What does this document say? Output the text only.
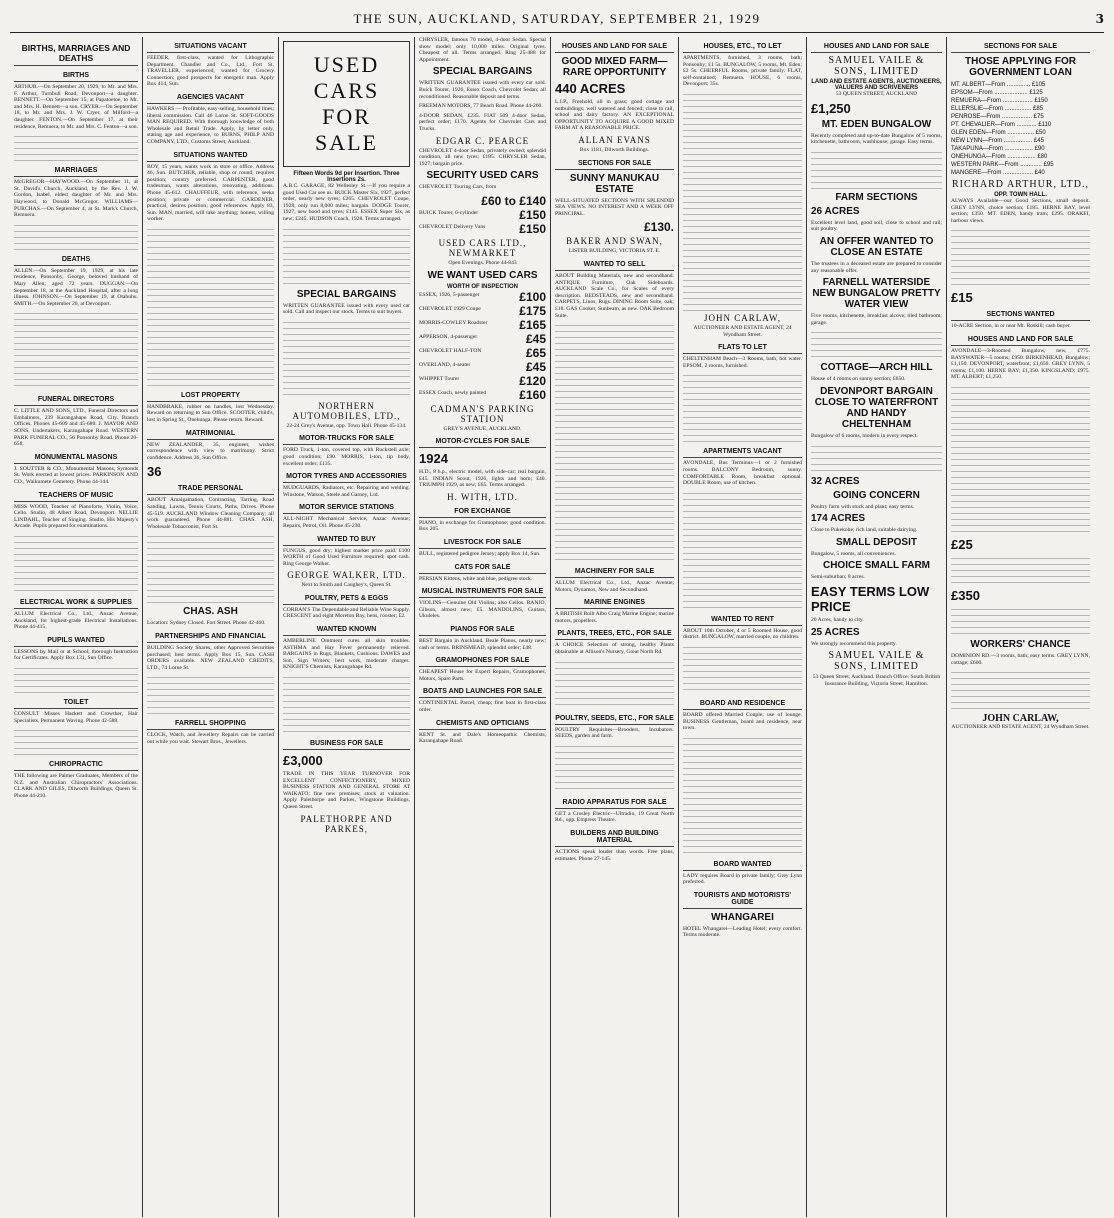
THE SUN, AUCKLAND, SATURDAY, SEPTEMBER 21, 1929	3
BIRTHS, MARRIAGES AND DEATHS
BIRTHS
ARTHUR.—On September 20, 1929, to Mr. and Mrs. F. Arthur, Turnbull Road, Devonport—a daughter. BENNETT.—On September 15, at Papatoetoe, to Mr. and Mrs. H. Bennett—a son. CRYER.—On September 18, to Mr. and Mrs. J. W. Cryer, of Milford—a daughter. FENTON.—On September 17, at their residence, Remuera, to Mr. and Mrs. C. Fenton—a son.
MARRIAGES
McGREGOR—HAYWOOD.—On September 11, at St. David's Church, Auckland, by the Rev. J. W. Gordon, Isabel, eldest daughter of Mr. and Mrs. Haywood, to Donald McGregor. WILLIAMS—PURCHAS.—On September 4, at St. Mark's Church, Remuera.
DEATHS
ALLEN.—On September 19, 1929, at his late residence, Ponsonby, George, beloved husband of Mary Allen; aged 72 years. DUGGAN.—On September 18, at the Auckland Hospital, after a long illness. JOHNSON.—On September 19, at Otahuhu. SMITH.—On September 20, at Devonport.
FUNERAL DIRECTORS
C. LITTLE AND SONS, LTD., Funeral Directors and Embalmers, 239 Karangahape Road, City. Branch Offices. Phones 45-609 and 45-680. J. MAYOR AND SONS, Undertakers, Karangahape Road. WESTERN PARK FUNERAL CO., 56 Ponsonby Road. Phone 20-658.
MONUMENTAL MASONS
J. SOUTTER & CO., Monumental Masons, Symonds St. Work erected at lowest prices. PARKINSON AND CO., Waikumete Cemetery. Phone 44-144.
TEACHERS OF MUSIC
MISS WOOD, Teacher of Pianoforte, Violin, Voice, Cello. Studio, 48 Albert Road, Devonport. NELLIE LINDAHL, Teacher of Singing. Studio, His Majesty's Arcade. Pupils prepared for examinations.
ELECTRICAL WORK & SUPPLIES
ALLUM Electrical Co., Ltd., Anzac Avenue, Auckland, for highest-grade Electrical Installations. Phone 44-415.
PUPILS WANTED
LESSONS by Mail or at School; thorough Instruction for Certificates. Apply Box 131, Sun Office.
TOILET
CONSULT Misses Hackett and Crowther, Hair Specialists, Permanent Waving. Phone 42-588.
CHIROPRACTIC
THE following are Palmer Graduates, Members of the N.Z. and Australian Chiropractors' Associations. CLARK AND GILES, Dilworth Buildings, Queen St. Phone 44-210.
SITUATIONS VACANT
FEEDER, first-class, wanted for Lithographic Department. Chandler and Co., Ltd., Fort St. TRAVELLER, experienced, wanted for Grocery Connection; good prospects for energetic man. Apply Box 414, Sun.
AGENCIES VACANT
HAWKERS — Profitable, easy-selling, household lines; liberal commission. Call 46 Lorne St. SOFT-GOODS MAN REQUIRED. With thorough knowledge of both Wholesale and Retail Trade. Apply, by letter only, stating age and experience, to BURNS, PHILP AND COMPANY, LTD., Customs Street, Auckland.
SITUATIONS WANTED
BOY, 15 years, wants work in store or office. Address 46, Sun. BUTCHER, reliable, shop or round, requires position; country preferred. CARPENTER, good tradesman, wants alterations, renovating, additions. Phone 45-612. CHAUFFEUR, with reference, seeks position; private or commercial. GARDENER, practical, desires position; good references. Apply 83, Sun. MAN, married, will take anything; honest, willing worker.
LOST PROPERTY
HANDBRAKE, rubber on handles, lost Wednesday. Reward on returning to Sun Office. SCOOTER, child's, lost in Spring St., Onehunga. Please return. Reward.
MATRIMONIAL
NEW ZEALANDER, 35, engineer, wishes correspondence with view to matrimony. Strict confidence. Address 36, Sun Office.
36
TRADE PERSONAL
ABOUT Amalgamation, Contracting, Tarring, Road Sanding, Lawns, Tennis Courts, Paths, Drives. Phone 45-519. AUCKLAND Window Cleaning Company; all work guaranteed. Phone 44-881. CHAS. ASH, Wholesale Tobacconist, Fort St.
CHAS. ASH
Location: Sydney Closed. Fort Street. Phone 42-460.
PARTNERSHIPS AND FINANCIAL
BUILDING Society Shares, other Approved Securities purchased; best terms. Apply Box 15, Sun. CASH ORDERS available. NEW ZEALAND CREDITS, LTD., 74 Lorne St.
FARRELL SHOPPING
CLOCK, Watch, and Jewellery Repairs can be carried out while you wait. Stewart Bros., Jewellers.
USED CARS FOR SALE
Fifteen Words 9d per Insertion. Three Insertions 2s.
A.B.C. GARAGE, 82 Wellesley St.—If you require a good Used Car see us. BUICK Master Six, 1927, perfect order, nearly new tyres; £265. CHEVROLET Coupe, 1928, only run 8,000 miles; bargain. DODGE Tourer, 1927, new hood and tyres; £145. ESSEX Super Six, as new; £245. HUDSON Coach, 1928. Terms arranged.
SPECIAL BARGAINS
WRITTEN GUARANTEE issued with every used car sold. Call and inspect our stock. Terms to suit buyers.
NORTHERN AUTOMOBILES, LTD.,
22-24 Grey's Avenue, opp. Town Hall. Phone 45-134.
MOTOR-TRUCKS FOR SALE
FORD Truck, 1-ton, covered top, with Ruckstell axle; good condition; £90. MORRIS, 1-ton, tip body, excellent order; £135.
MOTOR TYRES AND ACCESSORIES
MUDGUARDS, Radiators, etc. Repairing and welding. Winstone, Watson, Steele and Garney, Ltd.
MOTOR SERVICE STATIONS
ALL-NIGHT Mechanical Service, Anzac Avenue; Repairs, Petrol, Oil. Phone 45-230.
WANTED TO BUY
FUNGUS, good dry; highest market price paid. £100 WORTH of Good Used Furniture required; spot cash. Ring George Walker.
GEORGE WALKER, LTD.
Next to Smith and Caughey's, Queen St.
POULTRY, PETS & EGGS
CORBAN'S The Dependable and Reliable Wine Supply. CRESCENT and eight Moreton Bay, hens, rooster; £2.
WANTED KNOWN
AMBERLINE Ointment cures all skin troubles. ASTHMA and Hay Fever permanently relieved. BARGAINS in Rugs, Blankets, Cushions. DAWES and Son, Sign Writers; best work, moderate charges. KNIGHT'S Chemists, Karangahape Rd.
BUSINESS FOR SALE
£3,000
TRADE IN THIS YEAR TURNOVER FOR EXCELLENT CONFECTIONERY, MIXED BUSINESS STATION AND GENERAL STORE AT WAIKATO; fine new premises; stock at valuation. Apply Palethorpe and Parkes, Wingstone Buildings, Queen Street.
PALETHORPE AND PARKES,
CHRYSLER, famous 70 model, 4-door Sedan. Special show model; only 10,000 miles. Original tyres. Cheapest of all. Terms arranged. Ring 25-488 for Appointment.
SPECIAL BARGAINS
WRITTEN GUARANTEE issued with every car sold. Buick Tourer, 1926, Essex Coach, Chevrolet Sedan; all reconditioned. Reasonable deposit and terms.
FREEMAN MOTORS, 77 Beach Road. Phone 44-260.
4-DOOR SEDAN, £235. FIAT 509 4-door Sedan, perfect order; £170. Agents for Chevrolet Cars and Trucks.
EDGAR C. PEARCE
CHEVROLET 4-door Sedan, privately owned; splendid condition, all new tyres; £185. CHRYSLER Sedan, 1927; bargain price.
SECURITY USED CARS
CHEVROLET Touring Cars, from
£60 to £140
BUICK Tourer, 6-cylinder	£150
CHEVROLET Delivery Vans	£150
USED CARS LTD., NEWMARKET
Open Evenings. Phone 44-843
WE WANT USED CARS
WORTH OF INSPECTION
ESSEX, 1926, 5-passenger	£100
CHEVROLET 1929 Coupe	£175
MORRIS-COWLEY Roadster	£165
APPERSON, 4-passenger	£45
CHEVROLET HALF-TON	£65
OVERLAND, 4-seater	£45
WHIPPET Tourer	£120
ESSEX Coach, newly painted	£160
CADMAN'S PARKING STATION
GREY'S AVENUE, AUCKLAND.
MOTOR-CYCLES FOR SALE
1924
H.D., 8 h.p., electric model, with side-car; real bargain, £45. INDIAN Scout, 1926, lights and horn; £40. TRIUMPH 1929, as new; £65. Terms arranged.
H. WITH, LTD.
FOR EXCHANGE
PIANO, in exchange for Gramophone; good condition. Box 205.
LIVESTOCK FOR SALE
BULL, registered pedigree Jersey; apply Box 14, Sun.
CATS FOR SALE
PERSIAN Kittens, white and blue, pedigree stock.
MUSICAL INSTRUMENTS FOR SALE
VIOLINS—Genuine Old Violins; also Cellos. BANJO, Gibson, almost new; £5. MANDOLINS, Guitars, Ukuleles.
PIANOS FOR SALE
BEST Bargain in Auckland. Beale Pianos, nearly new; cash or terms. BRINSMEAD, splendid order; £48.
GRAMOPHONES FOR SALE
CHEAPEST House for Expert Repairs, Gramophones, Motors, Spare Parts.
BOATS AND LAUNCHES FOR SALE
CONTINENTAL Parcel, cheap; fine boat in first-class order.
CHEMISTS AND OPTICIANS
KENT St. and Dale's Homeopathic Chemists, Karangahape Road.
HOUSES AND LAND FOR SALE
GOOD MIXED FARM—RARE OPPORTUNITY
440 ACRES
L.I.P., Freehold, all in grass; good cottage and outbuildings; well watered and fenced; close to rail, school and dairy factory. AN EXCEPTIONAL OPPORTUNITY TO ACQUIRE A GOOD MIXED FARM AT A REASONABLE PRICE.
ALLAN EVANS
Box 1181, Dilworth Buildings.
SECTIONS FOR SALE
SUNNY MANUKAU ESTATE
WELL-SITUATED SECTIONS WITH SPLENDID SEA VIEWS. NO INTEREST AND A WEEK OFF PRINCIPAL.
£130.
BAKER AND SWAN,
LISTER BUILDING, VICTORIA ST. E.
WANTED TO SELL
ABOUT Building Materials, new and secondhand. ANTIQUE Furniture, Oak Sideboards. AUCKLAND Scale Co., for Scales of every description. BEDSTEADS, new and secondhand. CARPETS, Linos, Rugs. DINING Room Suite, oak; £18. GAS Cooker, Sunbeam, as new. OAK Bedroom Suite.
MACHINERY FOR SALE
ALLUM Electrical Co., Ltd., Anzac Avenue; Motors, Dynamos, New and Secondhand.
MARINE ENGINES
A BRITISH Built Albo Craig Marine Engine; marine motors, propellers.
PLANTS, TREES, ETC., FOR SALE
A CHOICE Selection of strong, healthy Plants obtainable at Allison's Nursery, Great North Rd.
POULTRY, SEEDS, ETC., FOR SALE
POULTRY Requisites—Brooders, Incubators. SEEDS, garden and farm.
RADIO APPARATUS FOR SALE
GET a Crosley Electric—Ultradio, 19 Great North Rd., opp. Empress Theatre.
BUILDERS AND BUILDING MATERIAL
ACTIONS speak louder than words. Free plans, estimates. Phone 27-145.
HOUSES, ETC., TO LET
APARTMENTS, furnished, 3 rooms, bath; Ponsonby; £1 5s. BUNGALOW, 5 rooms, Mt. Eden; £2 5s. CHEERFUL Rooms, private family. FLAT, self-contained; Remuera. HOUSE, 6 rooms, Devonport; 35s.
JOHN CARLAW,
AUCTIONEER AND ESTATE AGENT, 24 Wyndham Street.
FLATS TO LET
CHELTENHAM Beach—3 Rooms, bath, hot water. EPSOM, 2 rooms, furnished.
APARTMENTS VACANT
AVONDALE, Bus Terminus—1 or 2 furnished rooms. BALCONY Bedroom, sunny. COMFORTABLE Room, breakfast optional. DOUBLE Room, use of kitchen.
WANTED TO RENT
ABOUT 10th October, 4 or 5 Roomed House, good district. BUNGALOW, married couple, no children.
BOARD AND RESIDENCE
BOARD offered Married Couple; use of lounge. BUSINESS Gentleman, board and residence, near town.
BOARD WANTED
LADY requires Board in private family; Grey Lynn preferred.
TOURISTS AND MOTORISTS' GUIDE
WHANGAREI
HOTEL Whangarei—Leading Hotel; every comfort. Terms moderate.
HOUSES AND LAND FOR SALE
SAMUEL VAILE & SONS, LIMITED
LAND AND ESTATE AGENTS, AUCTIONEERS, VALUERS AND SCRIVENERS
53 QUEEN STREET, AUCKLAND
£1,250
MT. EDEN BUNGALOW
Recently completed and up-to-date Bungalow of 5 rooms, kitchenette, bathroom, washhouse; garage. Easy terms.
FARM SECTIONS
26 ACRES
Excellent level land, good soil, close to school and rail; suit poultry.
AN OFFER WANTED TO CLOSE AN ESTATE
The trustees in a deceased estate are prepared to consider any reasonable offer.
FARNELL WATERSIDE NEW BUNGALOW PRETTY WATER VIEW
Five rooms, kitchenette, breakfast alcove; tiled bathroom; garage.
COTTAGE—ARCH HILL
House of 4 rooms on sunny section; £650.
DEVONPORT BARGAIN CLOSE TO WATERFRONT AND HANDY CHELTENHAM
Bungalow of 6 rooms, modern in every respect.
32 ACRES
GOING CONCERN
Poultry farm with stock and plant; easy terms.
174 ACRES
Close to Pukekohe; rich land, suitable dairying.
SMALL DEPOSIT
Bungalow, 5 rooms, all conveniences.
CHOICE SMALL FARM
Semi-suburban; 8 acres.
EASY TERMS LOW PRICE
20 Acres, handy to city.
25 ACRES
We strongly recommend this property.
SAMUEL VAILE & SONS, LIMITED
53 Queen Street, Auckland. Branch Office: South British Insurance Building, Victoria Street, Hamilton.
SECTIONS FOR SALE
THOSE APPLYING FOR GOVERNMENT LOAN
MT. ALBERT—From .............. £105
EPSOM—From .................... £125
REMUERA—From .................. £150
ELLERSLIE—From ................ £85
PENROSE—From .................. £75
PT. CHEVALIER—From ............ £110
GLEN EDEN—From ................ £50
NEW LYNN—From ................. £45
TAKAPUNA—From ................. £90
ONEHUNGA—From ................. £80
WESTERN PARK—From ............. £95
MANGERE—From .................. £40
RICHARD ARTHUR, LTD.,
OPP. TOWN HALL.
ALWAYS Available—our Good Sections, small deposit. GREY LYNN, choice section; £185. HERNE BAY, level section; £350. MT. EDEN, handy tram; £295. ORAKEI, harbour views.
£15
SECTIONS WANTED
10-ACRE Section, in or near Mt. Roskill; cash buyer.
HOUSES AND LAND FOR SALE
AVONDALE—3-Roomed Bungalow, new, £775. BAYSWATER—5 rooms; £950. BIRKENHEAD, Bungalow; £1,150. DEVONPORT, waterfront; £1,650. GREY LYNN, 5 rooms; £1,100. HERNE BAY; £1,350. KINGSLAND; £975. MT. ALBERT; £1,250.
£25
£350
WORKERS' CHANCE
DOMINION RD.—3 rooms, bath; easy terms. GREY LYNN, cottage; £600.
JOHN CARLAW,
AUCTIONEER AND ESTATE AGENT, 24 Wyndham Street.
